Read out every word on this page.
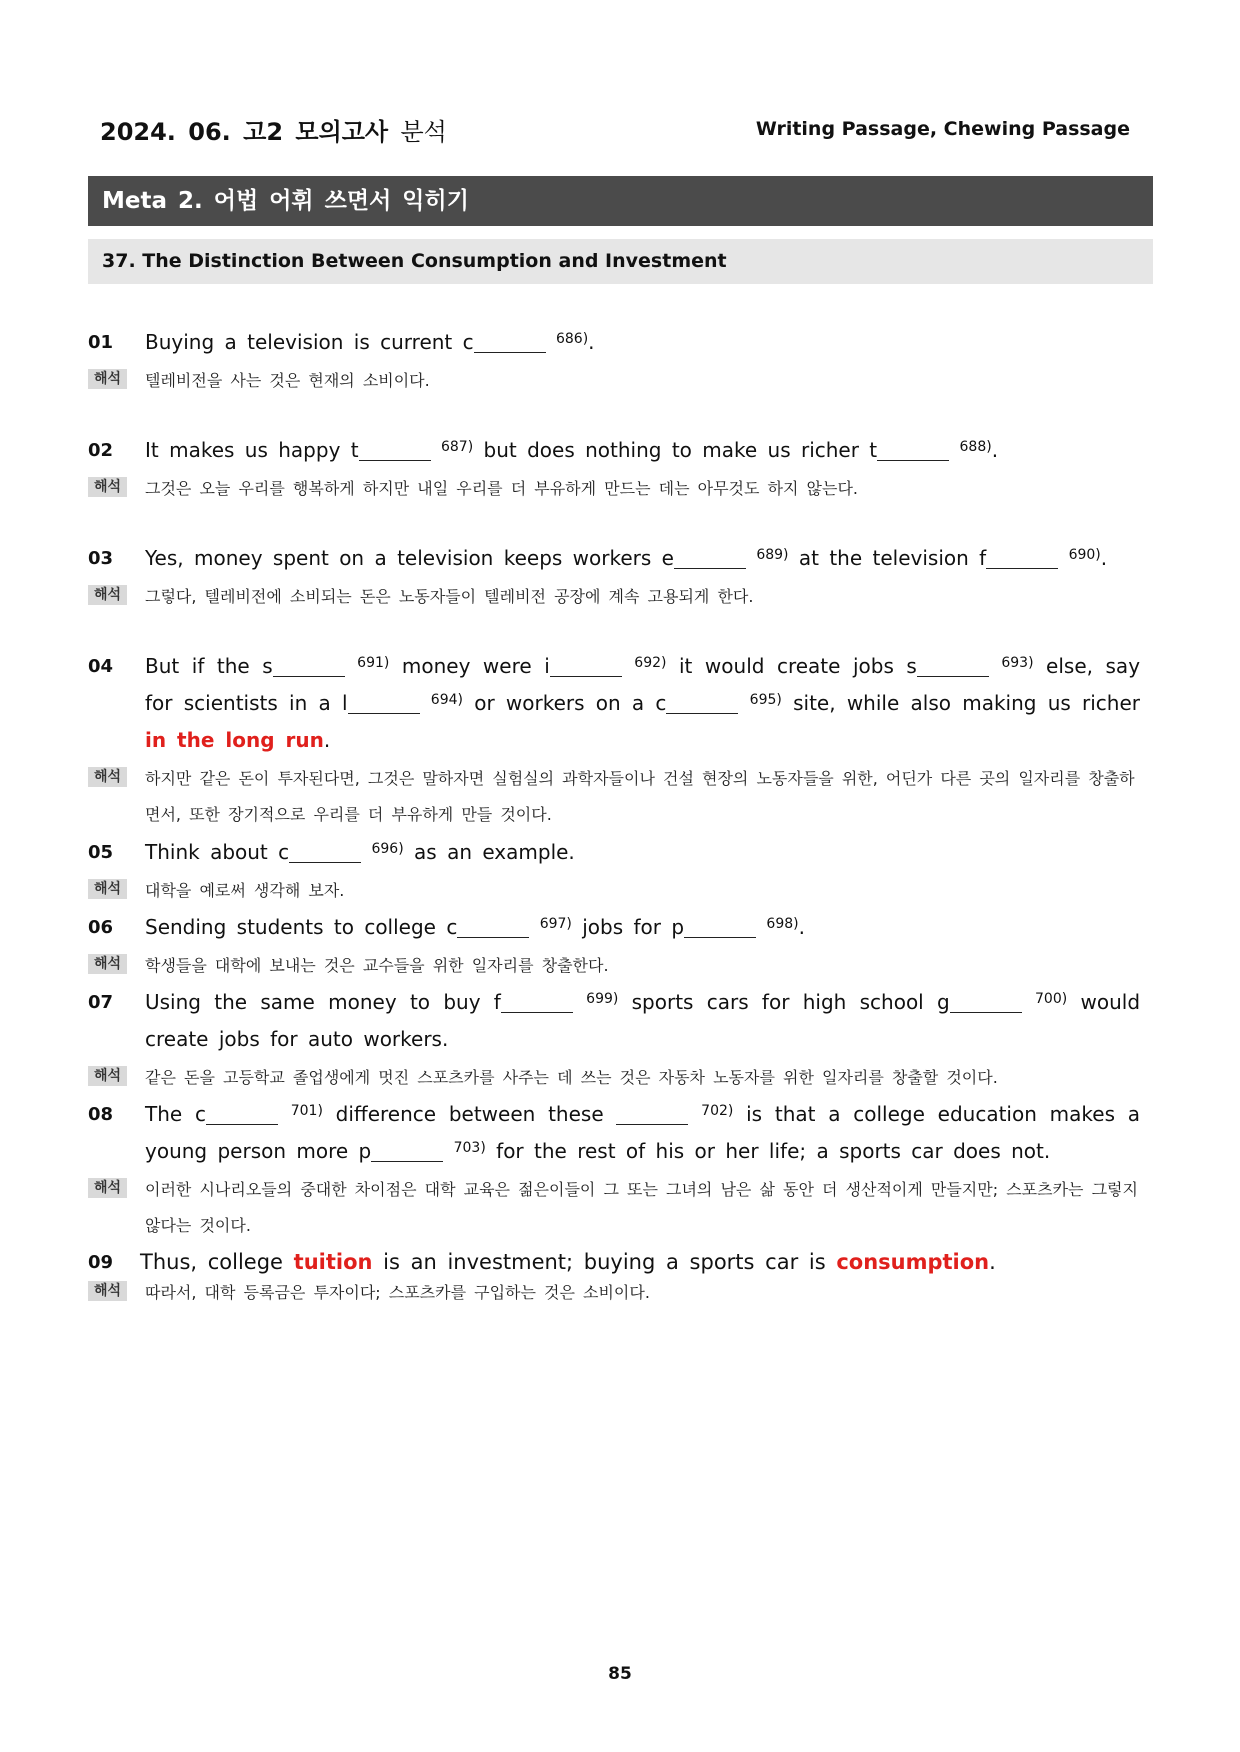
2024. 06. 고2 모의고사 분석	Writing Passage, Chewing Passage
Meta 2. 어법 어휘 쓰면서 익히기
37. The Distinction Between Consumption and Investment
01 Buying a television is current c	$^{686)}$.
해석	텔레비전을 사는 것은 현재의 소비이다.
02 It makes us happy t	$^{687)}$ but does nothing to make us richer t	$^{688)}$.
해석	그것은 오늘 우리를 행복하게 하지만 내일 우리를 더 부유하게 만드는 데는 아무것도 하지 않는다.
03 Yes, money spent on a television keeps workers e	$^{689)}$ at the television f	$^{690)}$.
해석	그렇다, 텔레비전에 소비되는 돈은 노동자들이 텔레비전 공장에 계속 고용되게 한다.
04 But if the s	$^{691)}$ money were i	$^{692)}$ it would create jobs s	$^{693)}$ else, say for scientists in a l	$^{694)}$ or workers on a c	$^{695)}$ site, while also making us richer in the long run.
해석	하지만 같은 돈이 투자된다면, 그것은 말하자면 실험실의 과학자들이나 건설 현장의 노동자들을 위한, 어딘가 다른 곳의 일자리를 창출하면서, 또한 장기적으로 우리를 더 부유하게 만들 것이다.
05 Think about c	$^{696)}$ as an example.
해석	대학을 예로써 생각해 보자.
06 Sending students to college c	$^{697)}$ jobs for p	$^{698)}$.
해석	학생들을 대학에 보내는 것은 교수들을 위한 일자리를 창출한다.
07 Using the same money to buy f	$^{699)}$ sports cars for high school g	$^{700)}$ would create jobs for auto workers.
해석	같은 돈을 고등학교 졸업생에게 멋진 스포츠카를 사주는 데 쓰는 것은 자동차 노동자를 위한 일자리를 창출할 것이다.
08 The c	$^{701)}$ difference between these	$^{702)}$ is that a college education makes a young person more p	$^{703)}$ for the rest of his or her life; a sports car does not.
해석	이러한 시나리오들의 중대한 차이점은 대학 교육은 젊은이들이 그 또는 그녀의 남은 삶 동안 더 생산적이게 만들지만; 스포츠카는 그렇지 않다는 것이다.
09 Thus, college tuition is an investment; buying a sports car is consumption.
해석	따라서, 대학 등록금은 투자이다; 스포츠카를 구입하는 것은 소비이다.
85
